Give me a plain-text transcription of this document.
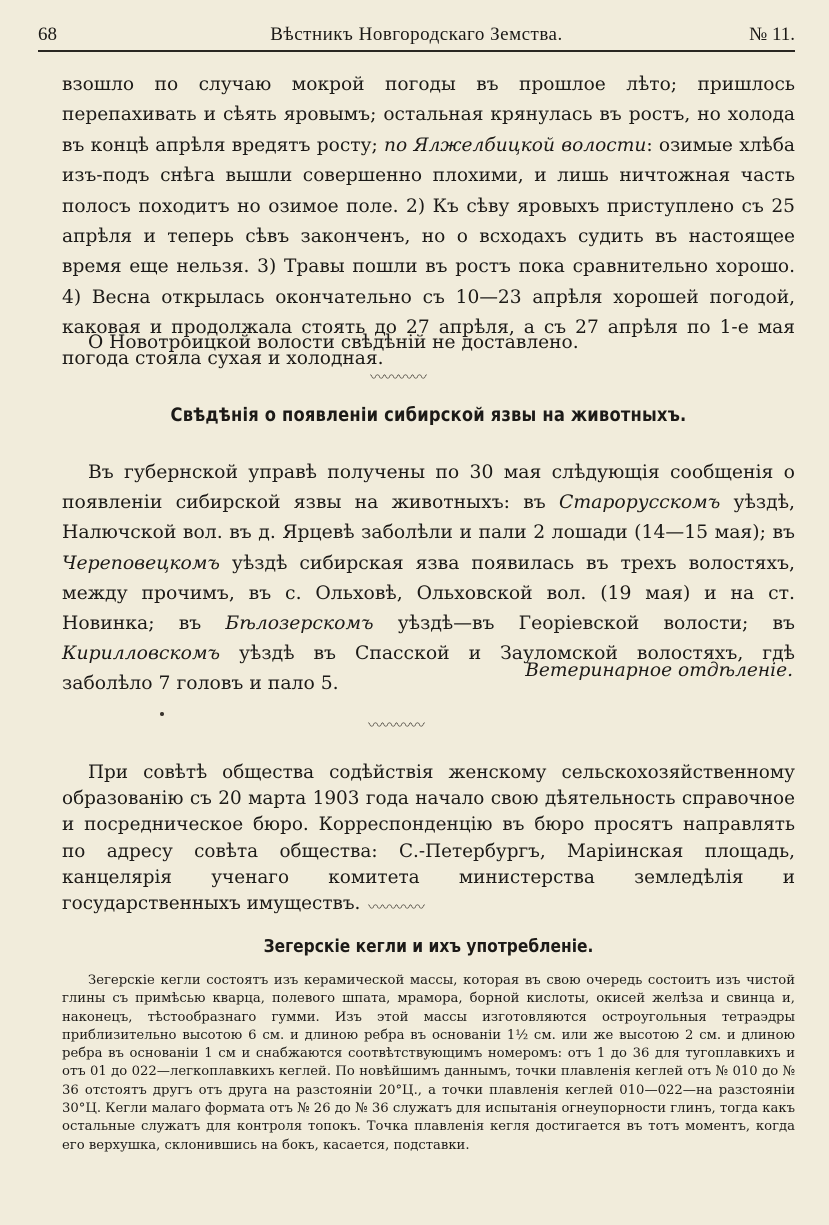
68	Вѣстникъ Новгородскаго Земства.	№ 11.

взошло по случаю мокрой погоды въ прошлое лѣто; пришлось перепахивать и сѣять яровымъ; остальная крянулась въ ростъ, но холода въ концѣ апрѣля вредятъ росту; по Ялжелбицкой волости: озимые хлѣба изъ-подъ снѣга вышли совершенно плохими, и лишь ничтожная часть полосъ походитъ но озимое поле. 2) Къ сѣву яровыхъ приступлено съ 25 апрѣля и теперь сѣвъ законченъ, но о всходахъ судить въ настоящее время еще нельзя. 3) Травы пошли въ ростъ пока сравнительно хорошо. 4) Весна открылась окончательно съ 10—23 апрѣля хорошей погодой, каковая и продолжала стоять до 27 апрѣля, а съ 27 апрѣля по 1-е мая погода стояла сухая и холодная.

О Новотроицкой волости свѣдѣній не доставлено.

〰〰〰〰
Свѣдѣнія о появленіи сибирской язвы на животныхъ.

Въ губернской управѣ получены по 30 мая слѣдующія сообщенія о появленіи сибирской язвы на животныхъ: въ Старорусскомъ уѣздѣ, Налючской вол. въ д. Ярцевѣ заболѣли и пали 2 лошади (14—15 мая); въ Череповецкомъ уѣздѣ сибирская язва появилась въ трехъ волостяхъ, между прочимъ, въ с. Ольховѣ, Ольховской вол. (19 мая) и на ст. Новинка; въ Бѣлозерскомъ уѣздѣ—въ Георіевской волости; въ Кирилловскомъ уѣздѣ въ Спасской и Зауломской волостяхъ, гдѣ заболѣло 7 головъ и пало 5.

Ветеринарное отдѣленіе.
〰〰〰〰

При совѣтѣ общества содѣйствія женскому сельскохозяйственному образованію съ 20 марта 1903 года начало свою дѣятельность справочное и посредническое бюро. Корреспонденцію въ бюро просятъ направлять по адресу совѣта общества: С.-Петербургъ, Маріинская площадь, канцелярія ученаго комитета министерства земледѣлія и государственныхъ имуществъ. 〰〰〰〰
Зегерскіе кегли и ихъ употребленіе.

Зегерскіе кегли состоятъ изъ керамической массы, которая въ свою очередь состоитъ изъ чистой глины съ примѣсью кварца, полевого шпата, мрамора, борной кислоты, окисей желѣза и свинца и, наконецъ, тѣстообразнаго гумми. Изъ этой массы изготовляются остроугольныя тетраэдры приблизительно высотою 6 см. и длиною ребра въ основаніи 1½ см. или же высотою 2 см. и длиною ребра въ основаніи 1 см и снабжаются соотвѣтствующимъ номеромъ: отъ 1 до 36 для тугоплавкихъ и отъ 01 до 022—легкоплавкихъ кеглей. По новѣйшимъ даннымъ, точки плавленія кеглей отъ № 010 до № 36 отстоятъ другъ отъ друга на разстояніи 20°Ц., а точки плавленія кеглей 010—022—на разстояніи 30°Ц. Кегли малаго формата отъ № 26 до № 36 служатъ для испытанія огнеупорности глинъ, тогда какъ остальные служатъ для контроля топокъ. Точка плавленія кегля достигается въ тотъ моментъ, когда его верхушка, склонившись на бокъ, касается, подставки.
